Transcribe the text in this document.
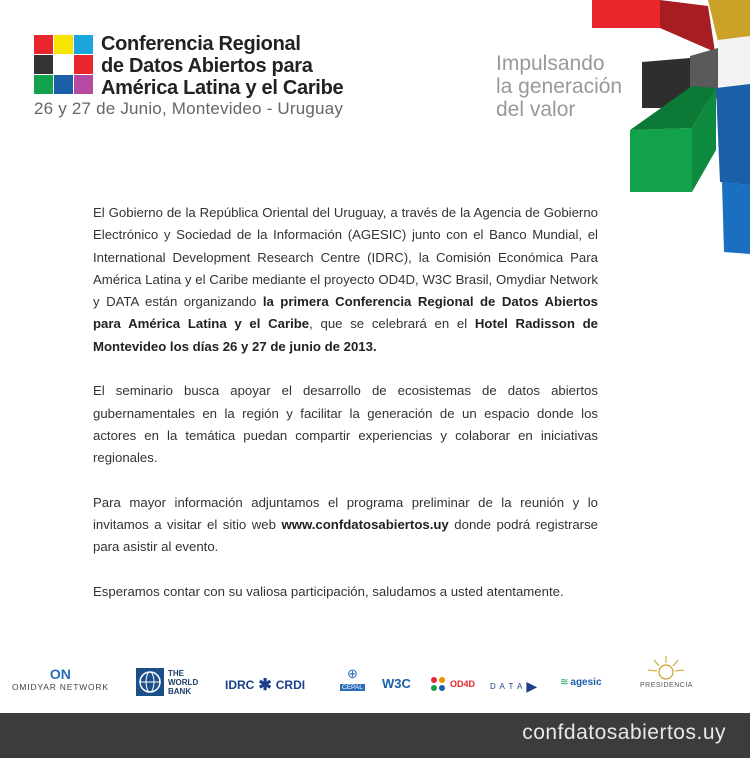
Conferencia Regional
de Datos Abiertos para
América Latina y el Caribe
26 y 27 de Junio, Montevideo - Uruguay
Impulsando
la generación
del valor

El Gobierno de la República Oriental del Uruguay, a través de la Agencia de Gobierno Electrónico y Sociedad de la Información (AGESIC) junto con el Banco Mundial, el International Development Research Centre (IDRC), la Comisión Económica Para América Latina y el Caribe mediante el proyecto OD4D, W3C Brasil, Omydiar Network y DATA están organizando la primera Conferencia Regional de Datos Abiertos para América Latina y el Caribe, que se celebrará en el Hotel Radisson de Montevideo los días 26 y 27 de junio de 2013.

El seminario busca apoyar el desarrollo de ecosistemas de datos abiertos gubernamentales en la región y facilitar la generación de un espacio donde los actores en la temática puedan compartir experiencias y colaborar en iniciativas regionales.

Para mayor información adjuntamos el programa preliminar de la reunión y lo invitamos a visitar el sitio web www.confdatosabiertos.uy donde podrá registrarse para asistir al evento.

Esperamos contar con su valiosa participación, saludamos a usted atentamente.

ON
OMIDYAR NETWORK
THE
WORLD
BANK	IDRC ✱ CRDI
⊕
CEPAL W3C	OD4D D A T A ▶ ≋ agesic	PRESIDENCIA
confdatosabiertos.uy
